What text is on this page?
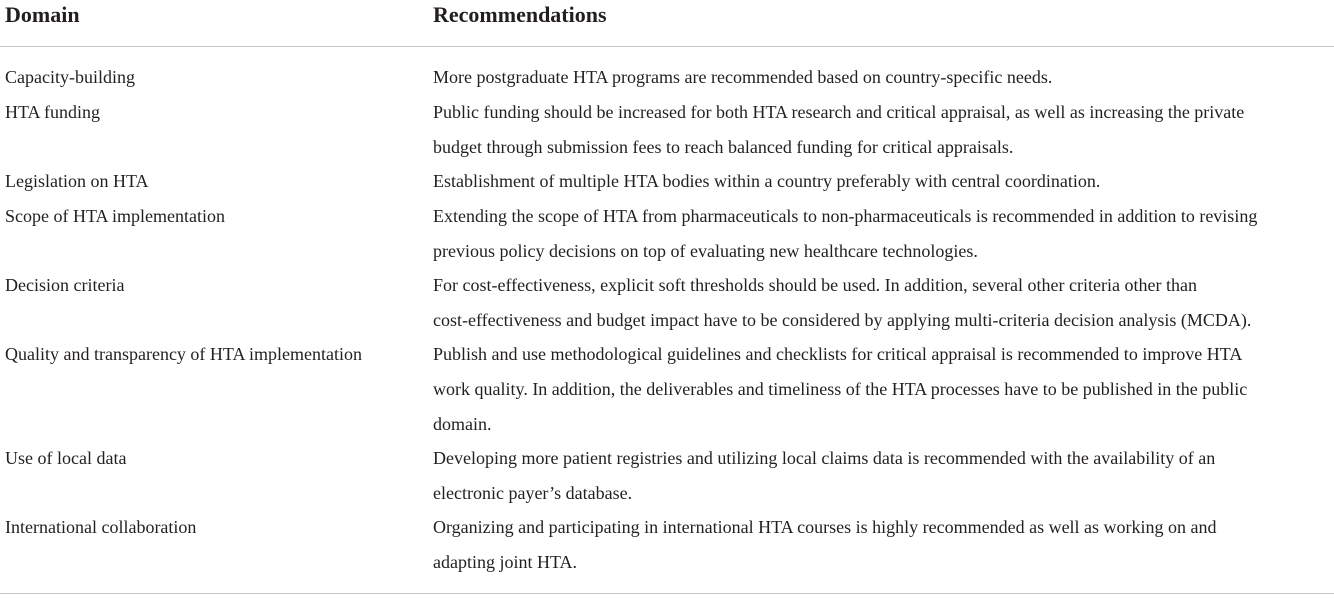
Domain	Recommendations
Capacity-building	More postgraduate HTA programs are recommended based on country-specific needs.
HTA funding	Public funding should be increased for both HTA research and critical appraisal, as well as increasing the private
budget through submission fees to reach balanced funding for critical appraisals.
Legislation on HTA	Establishment of multiple HTA bodies within a country preferably with central coordination.
Scope of HTA implementation	Extending the scope of HTA from pharmaceuticals to non-pharmaceuticals is recommended in addition to revising
previous policy decisions on top of evaluating new healthcare technologies.
Decision criteria	For cost-effectiveness, explicit soft thresholds should be used. In addition, several other criteria other than
cost-effectiveness and budget impact have to be considered by applying multi-criteria decision analysis (MCDA).
Quality and transparency of HTA implementation	Publish and use methodological guidelines and checklists for critical appraisal is recommended to improve HTA
work quality. In addition, the deliverables and timeliness of the HTA processes have to be published in the public
domain.
Use of local data	Developing more patient registries and utilizing local claims data is recommended with the availability of an
electronic payer’s database.
International collaboration	Organizing and participating in international HTA courses is highly recommended as well as working on and
adapting joint HTA.
